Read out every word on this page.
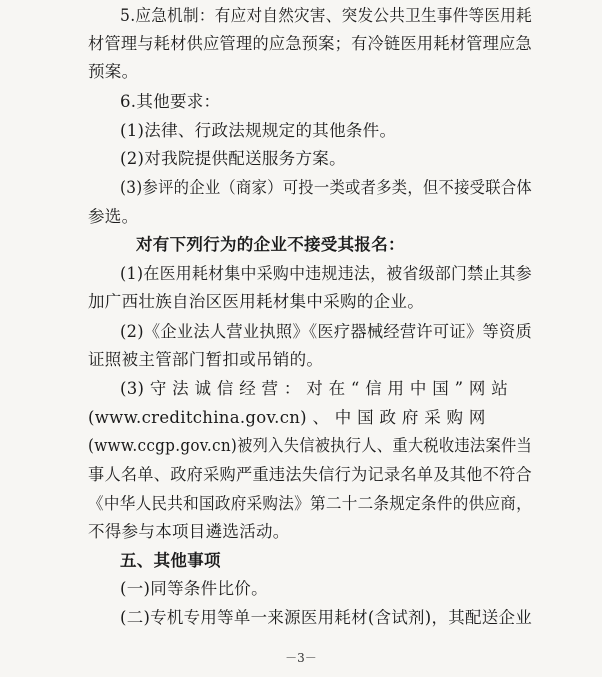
5.应急机制：有应对自然灾害、突发公共卫生事件等医用耗
材管理与耗材供应管理的应急预案；有冷链医用耗材管理应急
预案。
6.其他要求：
(1)法律、行政法规规定的其他条件。
(2)对我院提供配送服务方案。
(3)参评的企业（商家）可投一类或者多类，但不接受联合体
参选。
对有下列行为的企业不接受其报名：
(1)在医用耗材集中采购中违规违法，被省级部门禁止其参
加广西壮族自治区医用耗材集中采购的企业。
(2)《企业法人营业执照》《医疗器械经营许可证》等资质
证照被主管部门暂扣或吊销的。
(3) 守 法 诚 信 经 营 ： 对 在 “ 信 用 中 国 ” 网 站
(www.creditchina.gov.cn) 、 中 国 政 府 采 购 网
(www.ccgp.gov.cn)被列入失信被执行人、重大税收违法案件当
事人名单、政府采购严重违法失信行为记录名单及其他不符合
《中华人民共和国政府采购法》第二十二条规定条件的供应商，
不得参与本项目遴选活动。
五、其他事项
(一)同等条件比价。
(二)专机专用等单一来源医用耗材(含试剂)，其配送企业
－3－
